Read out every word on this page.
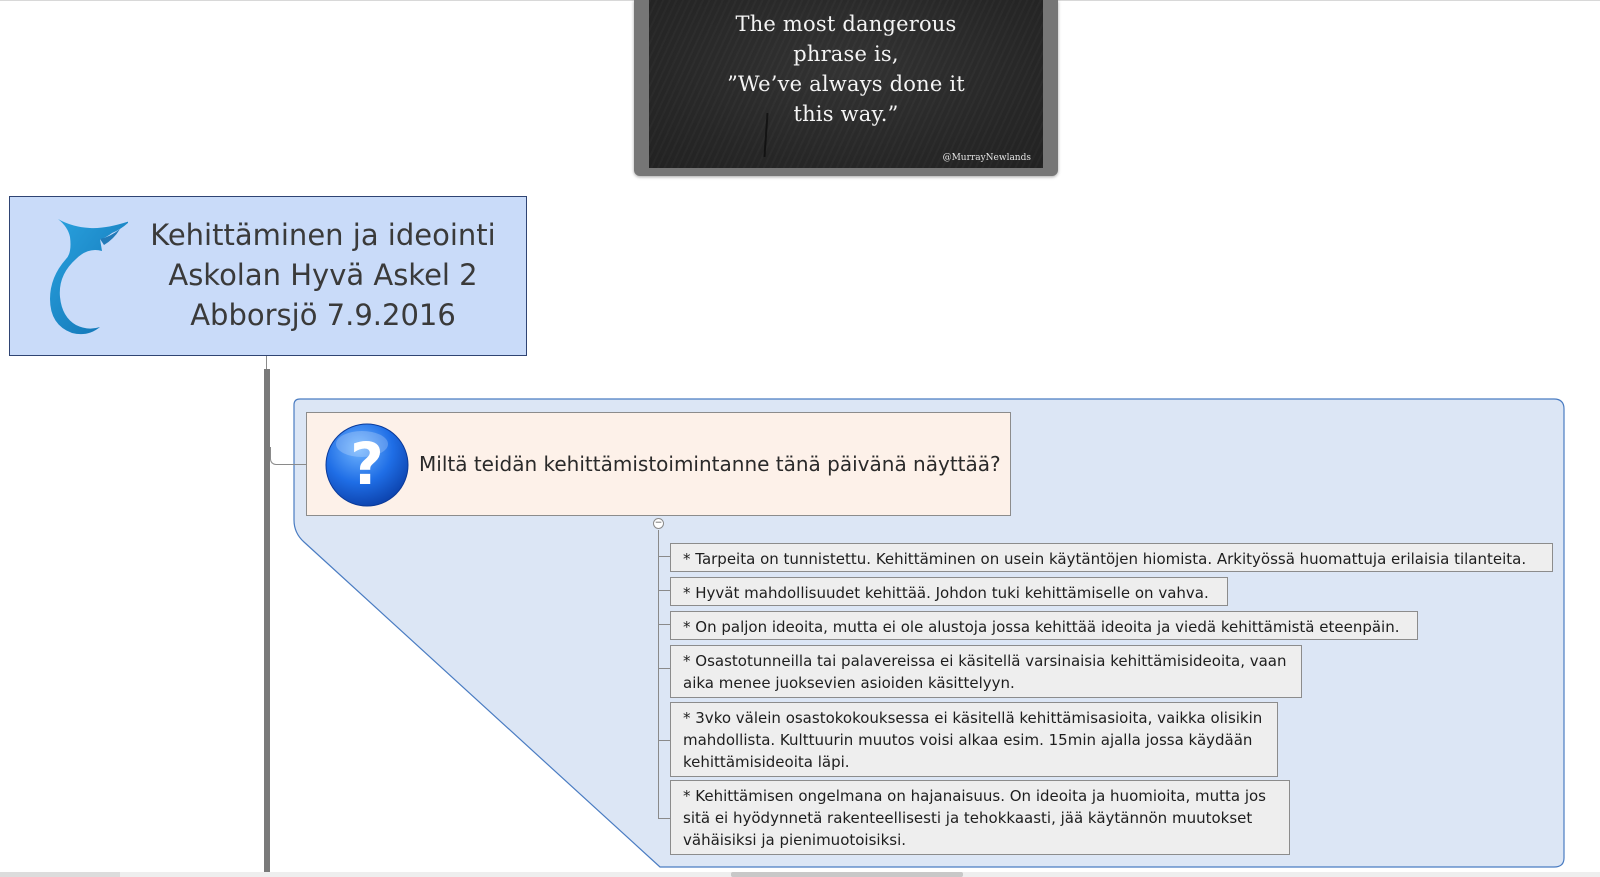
The most dangerous
phrase is,
”We’ve always done it
this way.”
@MurrayNewlands
Kehittäminen ja ideointi
Askolan Hyvä Askel 2
Abborsjö 7.9.2016
? Miltä teidän kehittämistoimintanne tänä päivänä näyttää?
−
* Tarpeita on tunnistettu. Kehittäminen on usein käytäntöjen hiomista. Arkityössä huomattuja erilaisia tilanteita.
* Hyvät mahdollisuudet kehittää. Johdon tuki kehittämiselle on vahva.
* On paljon ideoita, mutta ei ole alustoja jossa kehittää ideoita ja viedä kehittämistä eteenpäin.
* Osastotunneilla tai palavereissa ei käsitellä varsinaisia kehittämisideoita, vaan
aika menee juoksevien asioiden käsittelyyn.
* 3vko välein osastokokouksessa ei käsitellä kehittämisasioita, vaikka olisikin
mahdollista. Kulttuurin muutos voisi alkaa esim. 15min ajalla jossa käydään
kehittämisideoita läpi.
* Kehittämisen ongelmana on hajanaisuus. On ideoita ja huomioita, mutta jos
sitä ei hyödynnetä rakenteellisesti ja tehokkaasti, jää käytännön muutokset
vähäisiksi ja pienimuotoisiksi.
